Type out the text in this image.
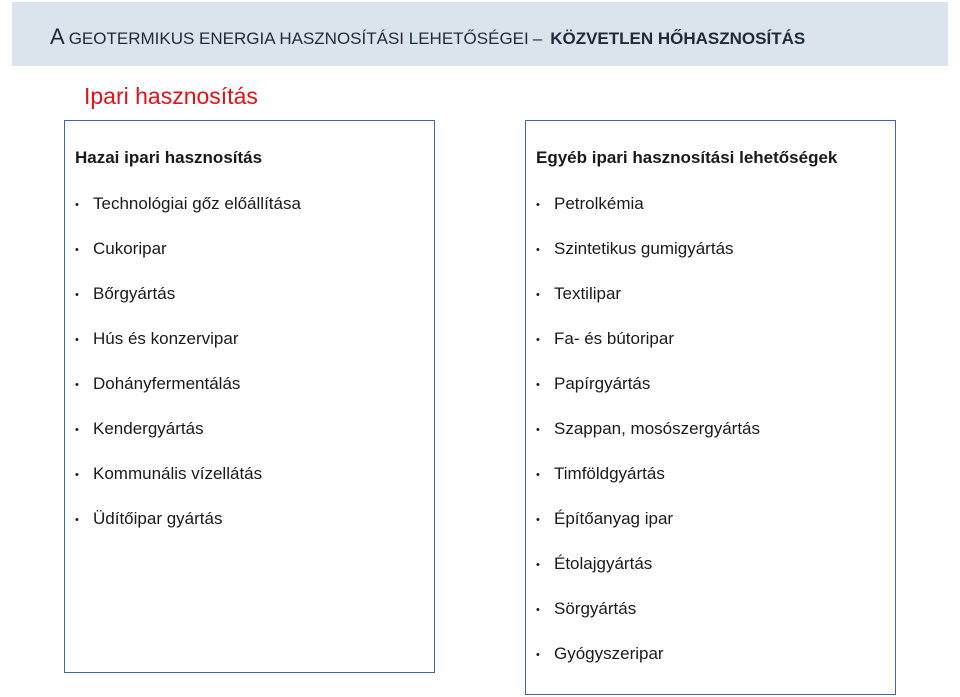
A GEOTERMIKUS ENERGIA HASZNOSÍTÁSI LEHETŐSÉGEI – KÖZVETLEN HŐHASZNOSÍTÁS
Ipari hasznosítás
Hazai ipari hasznosítás
• Technológiai gőz előállítása
• Cukoripar
• Bőrgyártás
• Hús és konzervipar
• Dohányfermentálás
• Kendergyártás
• Kommunális vízellátás
• Üdítőipar gyártás
Egyéb ipari hasznosítási lehetőségek
• Petrolkémia
• Szintetikus gumigyártás
• Textilipar
• Fa- és bútoripar
• Papírgyártás
• Szappan, mosószergyártás
• Timföldgyártás
• Építőanyag ipar
• Étolajgyártás
• Sörgyártás
• Gyógyszeripar
